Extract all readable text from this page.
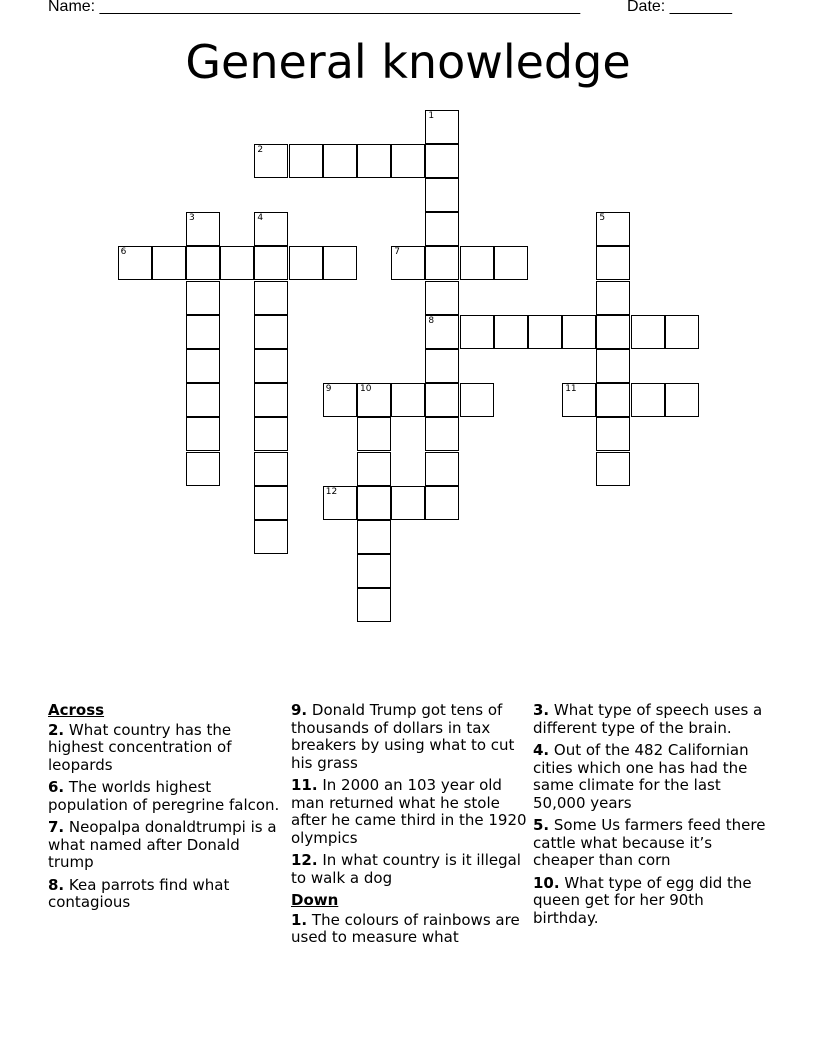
Name: ______________________________________________________	Date: _______
General knowledge
1
2
3	4	5
6	7
8
9	10	11
12
Across
2. What country has the highest concentration of leopards
6. The worlds highest population of peregrine falcon.
7. Neopalpa donaldtrumpi is a what named after Donald trump
8. Kea parrots find what contagious
9. Donald Trump got tens of thousands of dollars in tax breakers by using what to cut his grass
11. In 2000 an 103 year old man returned what he stole after he came third in the 1920 olympics
12. In what country is it illegal to walk a dog
Down
1. The colours of rainbows are used to measure what
3. What type of speech uses a different type of the brain.
4. Out of the 482 Californian cities which one has had the same climate for the last 50,000 years
5. Some Us farmers feed there cattle what because it’s cheaper than corn
10. What type of egg did the queen get for her 90th birthday.
